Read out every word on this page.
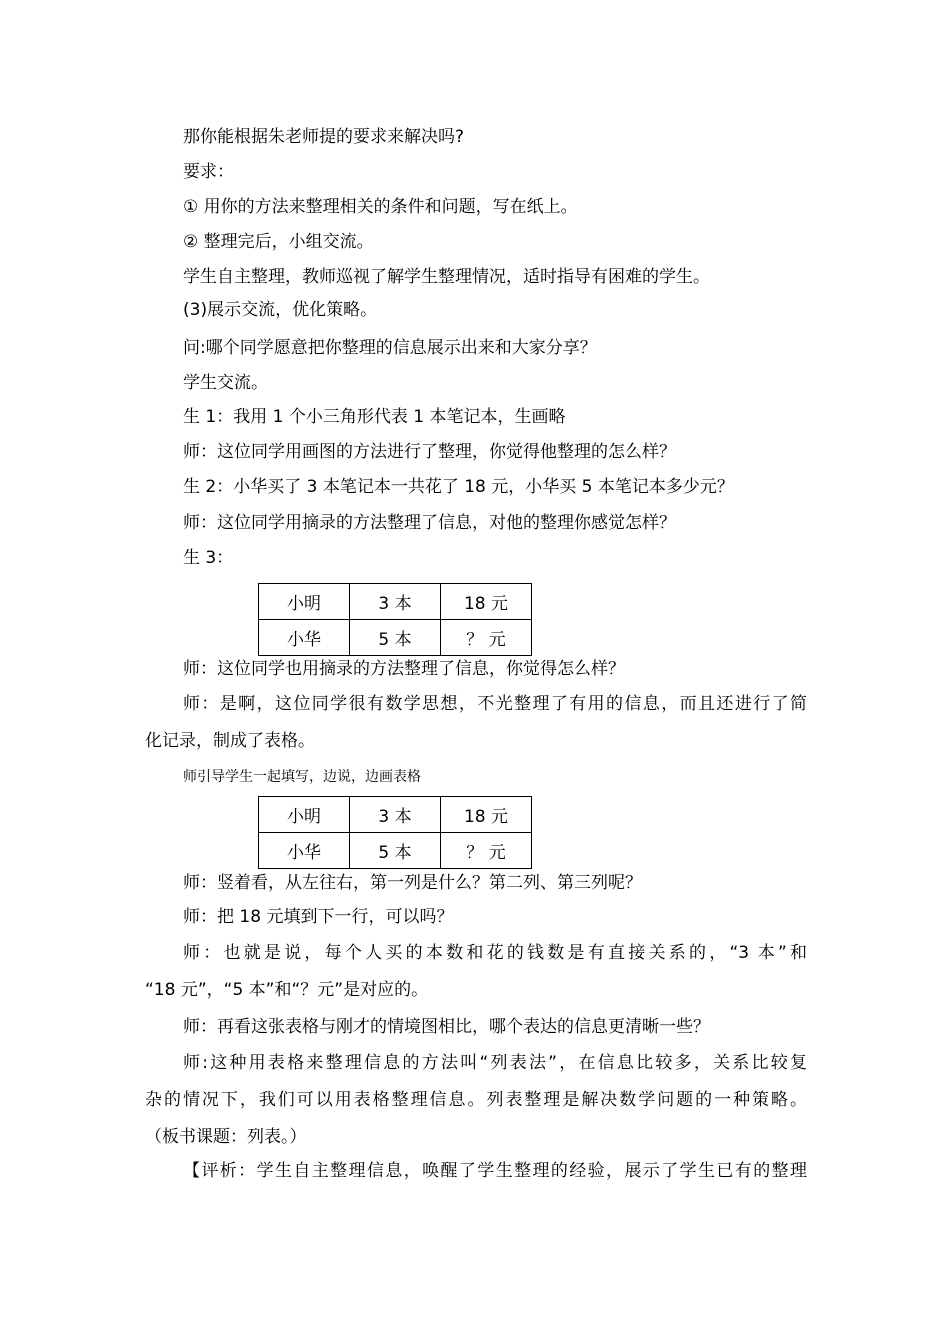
那你能根据朱老师提的要求来解决吗?
要求：
① 用你的方法来整理相关的条件和问题，写在纸上。
② 整理完后，小组交流。
学生自主整理，教师巡视了解学生整理情况，适时指导有困难的学生。
(3)展示交流，优化策略。
问:哪个同学愿意把你整理的信息展示出来和大家分享？
学生交流。
生 1：我用 1 个小三角形代表 1 本笔记本，生画略
师：这位同学用画图的方法进行了整理，你觉得他整理的怎么样？
生 2：小华买了 3 本笔记本一共花了 18 元，小华买 5 本笔记本多少元？
师：这位同学用摘录的方法整理了信息，对他的整理你感觉怎样？
生 3：
小明	3 本	18 元
小华	5 本	？ 元
师：这位同学也用摘录的方法整理了信息，你觉得怎么样？
师：是啊，这位同学很有数学思想，不光整理了有用的信息，而且还进行了简
化记录，制成了表格。
师引导学生一起填写，边说，边画表格
小明	3 本	18 元
小华	5 本	？ 元
师：竖着看，从左往右，第一列是什么？第二列、第三列呢？
师：把 18 元填到下一行，可以吗？
师：也就是说，每个人买的本数和花的钱数是有直接关系的，“3 本”和
“18 元”，“5 本”和“？元”是对应的。
师：再看这张表格与刚才的情境图相比，哪个表达的信息更清晰一些？
师:这种用表格来整理信息的方法叫“列表法”，在信息比较多，关系比较复
杂的情况下，我们可以用表格整理信息。列表整理是解决数学问题的一种策略。
（板书课题：列表。）
【评析：学生自主整理信息，唤醒了学生整理的经验，展示了学生已有的整理
